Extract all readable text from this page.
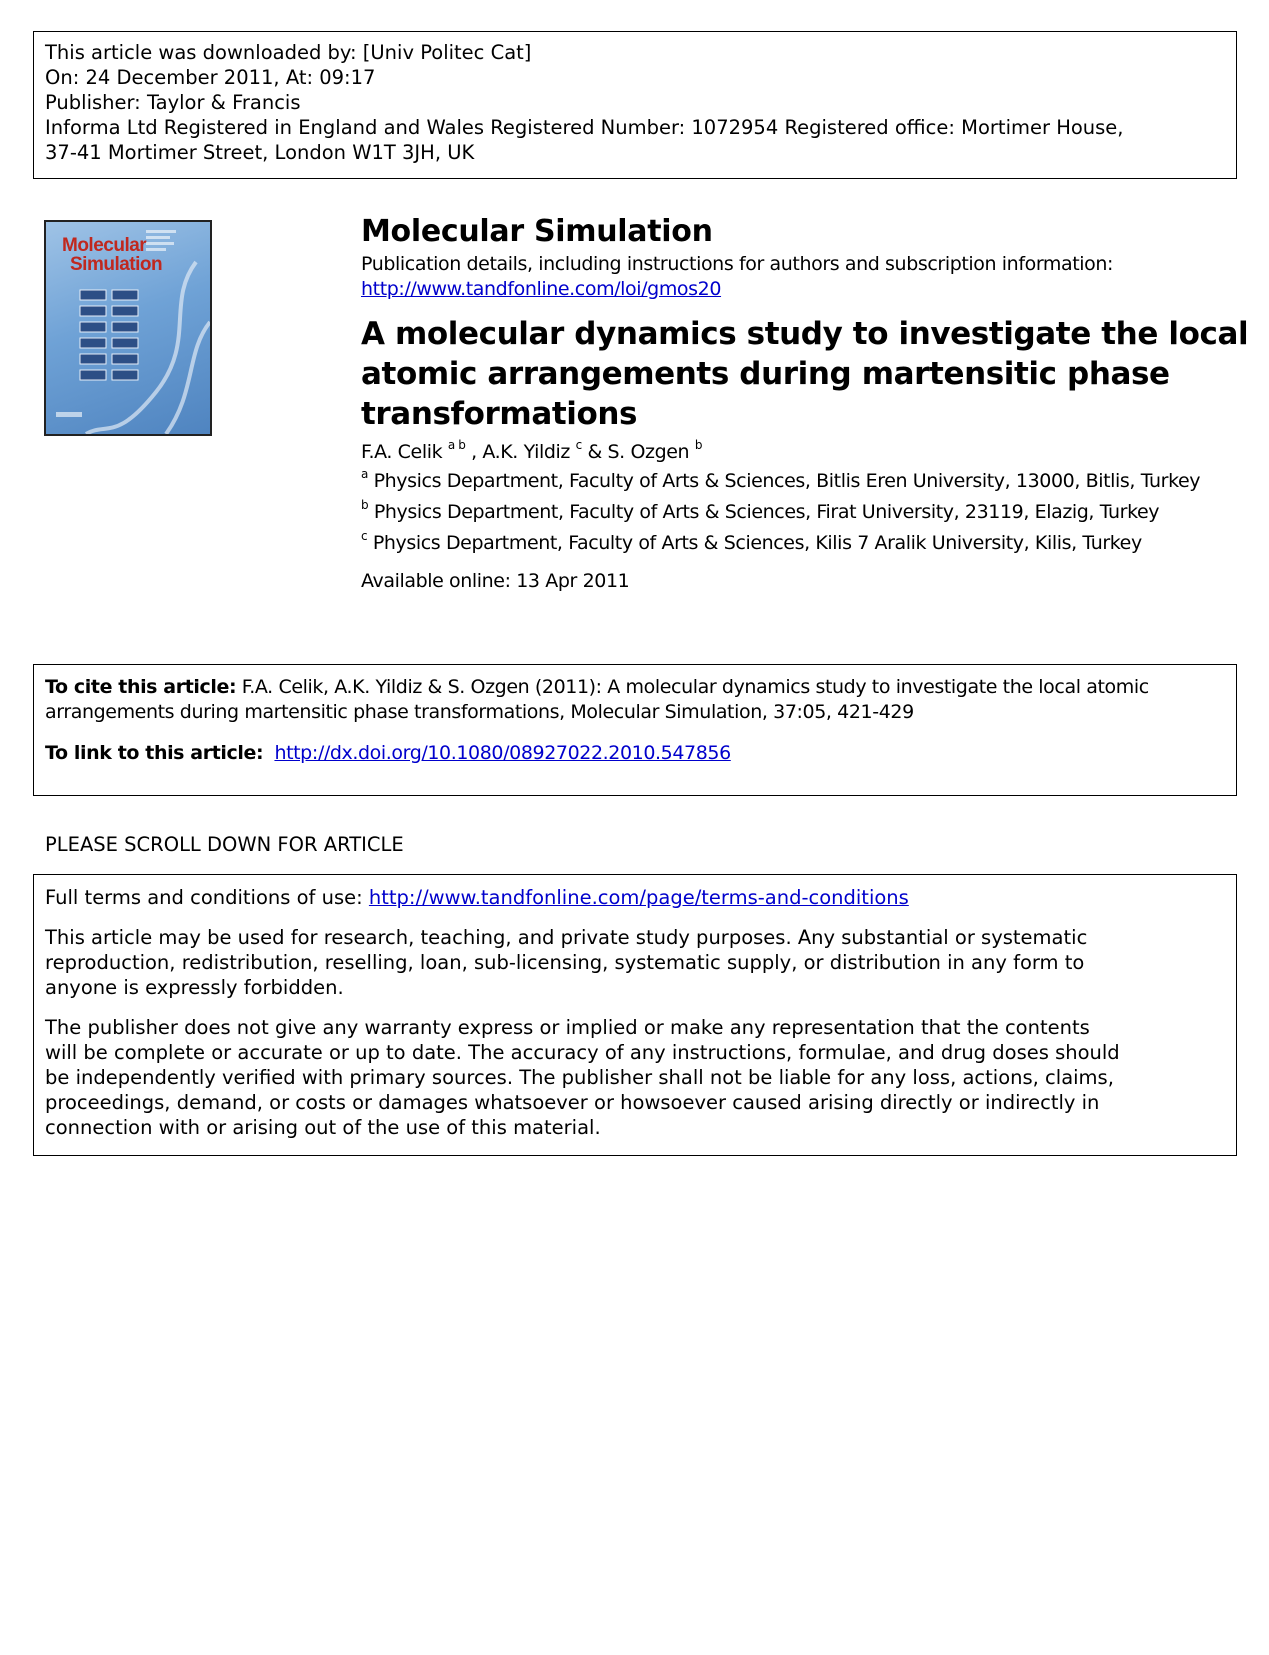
This article was downloaded by: [Univ Politec Cat]
On: 24 December 2011, At: 09:17
Publisher: Taylor & Francis
Informa Ltd Registered in England and Wales Registered Number: 1072954 Registered office: Mortimer House,
37-41 Mortimer Street, London W1T 3JH, UK
Molecular
Simulation
Molecular Simulation
Publication details, including instructions for authors and subscription information:
http://www.tandfonline.com/loi/gmos20
A molecular dynamics study to investigate the local
atomic arrangements during martensitic phase
transformations
F.A. Celik $^{a b}$ , A.K. Yildiz $^c$ & S. Ozgen $^b$
$^a$ Physics Department, Faculty of Arts & Sciences, Bitlis Eren University, 13000, Bitlis, Turkey
$^b$ Physics Department, Faculty of Arts & Sciences, Firat University, 23119, Elazig, Turkey
$^c$ Physics Department, Faculty of Arts & Sciences, Kilis 7 Aralik University, Kilis, Turkey
Available online: 13 Apr 2011
To cite this article: F.A. Celik, A.K. Yildiz & S. Ozgen (2011): A molecular dynamics study to investigate the local atomic
arrangements during martensitic phase transformations, Molecular Simulation, 37:05, 421-429
To link to this article: http://dx.doi.org/10.1080/08927022.2010.547856
PLEASE SCROLL DOWN FOR ARTICLE

Full terms and conditions of use: http://www.tandfonline.com/page/terms-and-conditions

This article may be used for research, teaching, and private study purposes. Any substantial or systematic
reproduction, redistribution, reselling, loan, sub-licensing, systematic supply, or distribution in any form to
anyone is expressly forbidden.

The publisher does not give any warranty express or implied or make any representation that the contents
will be complete or accurate or up to date. The accuracy of any instructions, formulae, and drug doses should
be independently verified with primary sources. The publisher shall not be liable for any loss, actions, claims,
proceedings, demand, or costs or damages whatsoever or howsoever caused arising directly or indirectly in
connection with or arising out of the use of this material.
